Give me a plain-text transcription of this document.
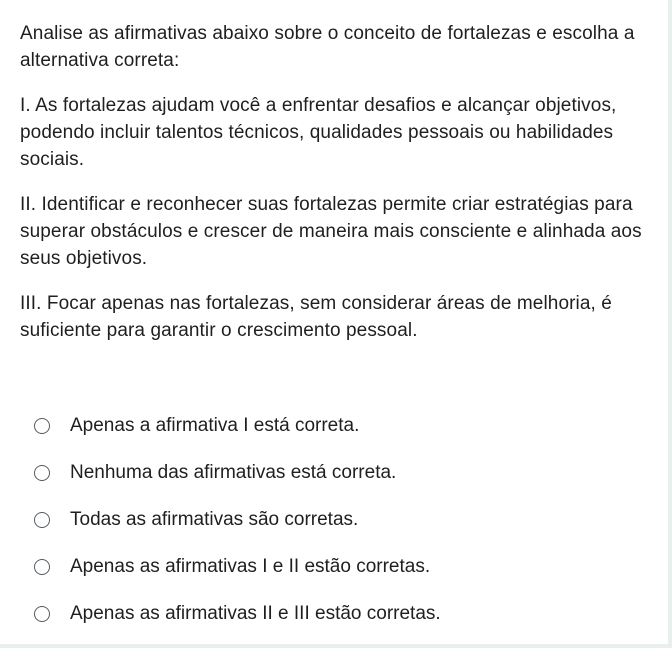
Analise as afirmativas abaixo sobre o conceito de fortalezas e escolha a alternativa correta:

I. As fortalezas ajudam você a enfrentar desafios e alcançar objetivos, podendo incluir talentos técnicos, qualidades pessoais ou habilidades sociais.

II. Identificar e reconhecer suas fortalezas permite criar estratégias para superar obstáculos e crescer de maneira mais consciente e alinhada aos seus objetivos.

III. Focar apenas nas fortalezas, sem considerar áreas de melhoria, é suficiente para garantir o crescimento pessoal.

Apenas a afirmativa I está correta.
Nenhuma das afirmativas está correta.
Todas as afirmativas são corretas.
Apenas as afirmativas I e II estão corretas.
Apenas as afirmativas II e III estão corretas.
